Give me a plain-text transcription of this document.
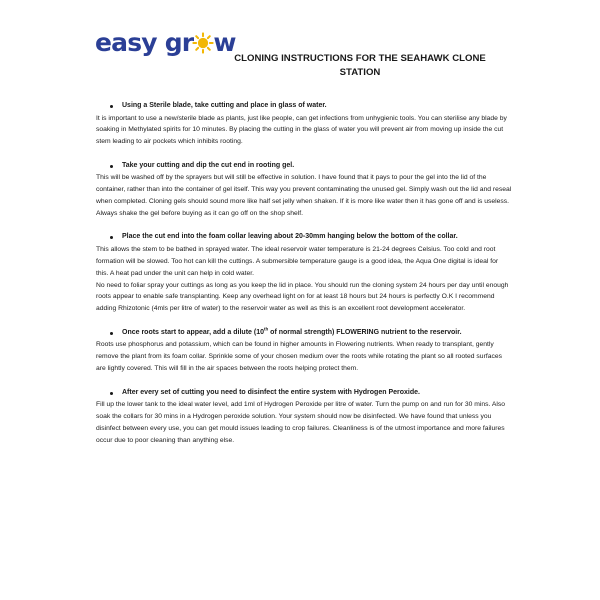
easy gr w
CLONING INSTRUCTIONS FOR THE SEAHAWK CLONE STATION
Using a Sterile blade, take cutting and place in glass of water.

It is important to use a new/sterile blade as plants, just like people, can get infections from unhygienic tools. You can sterilise any blade by soaking in Methylated spirits for 10 minutes. By placing the cutting in the glass of water you will prevent air from moving up inside the cut stem leading to air pockets which inhibits rooting.

Take your cutting and dip the cut end in rooting gel.

This will be washed off by the sprayers but will still be effective in solution. I have found that it pays to pour the gel into the lid of the container, rather than into the container of gel itself. This way you prevent contaminating the unused gel. Simply wash out the lid and reseal when completed. Cloning gels should sound more like half set jelly when shaken. If it is more like water then it has gone off and is useless. Always shake the gel before buying as it can go off on the shop shelf.

Place the cut end into the foam collar leaving about 20-30mm hanging below the bottom of the collar.

This allows the stem to be bathed in sprayed water. The ideal reservoir water temperature is 21-24 degrees Celsius. Too cold and root formation will be slowed. Too hot can kill the cuttings. A submersible temperature gauge is a good idea, the Aqua One digital is ideal for this. A heat pad under the unit can help in cold water.

No need to foliar spray your cuttings as long as you keep the lid in place. You should run the cloning system 24 hours per day until enough roots appear to enable safe transplanting. Keep any overhead light on for at least 18 hours but 24 hours is perfectly O.K I recommend adding Rhizotonic (4mls per litre of water) to the reservoir water as well as this is an excellent root development accelerator.

Once roots start to appear, add a dilute (10th of normal strength) FLOWERING nutrient to the reservoir.

Roots use phosphorus and potassium, which can be found in higher amounts in Flowering nutrients. When ready to transplant, gently remove the plant from its foam collar. Sprinkle some of your chosen medium over the roots while rotating the plant so all rooted surfaces are lightly covered. This will fill in the air spaces between the roots helping protect them.

After every set of cutting you need to disinfect the entire system with Hydrogen Peroxide.

Fill up the lower tank to the ideal water level, add 1ml of Hydrogen Peroxide per litre of water. Turn the pump on and run for 30 mins. Also soak the collars for 30 mins in a Hydrogen peroxide solution. Your system should now be disinfected. We have found that unless you disinfect between every use, you can get mould issues leading to crop failures. Cleanliness is of the utmost importance and more failures occur due to poor cleaning than anything else.
